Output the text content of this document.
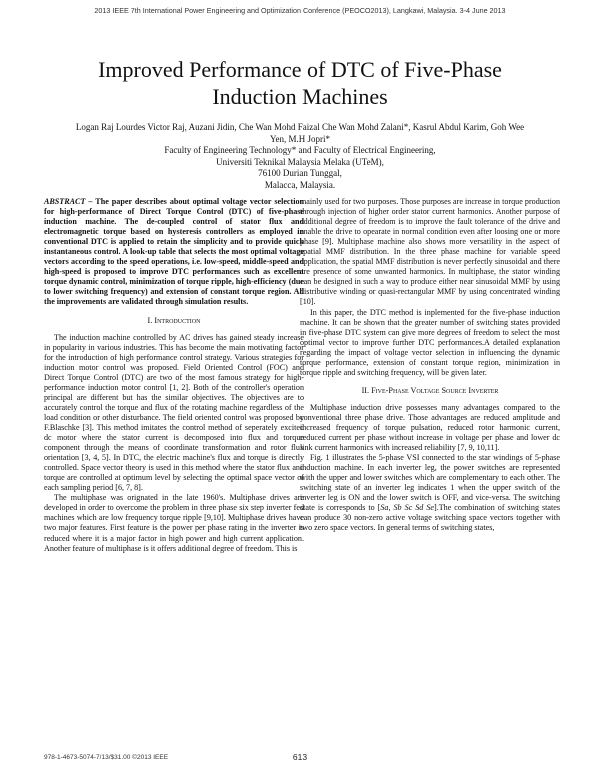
2013 IEEE 7th International Power Engineering and Optimization Conference (PEOCO2013), Langkawi, Malaysia. 3-4 June 2013
Improved Performance of DTC of Five-Phase
Induction Machines
Logan Raj Lourdes Victor Raj, Auzani Jidin, Che Wan Mohd Faizal Che Wan Mohd Zalani*, Kasrul Abdul Karim, Goh Wee
Yen, M.H Jopri*
Faculty of Engineering Technology* and Faculty of Electrical Engineering,
Universiti Teknikal Malaysia Melaka (UTeM),
76100 Durian Tunggal,
Malacca, Malaysia.

ABSTRACT – The paper describes about optimal voltage vector selection for high-performance of Direct Torque Control (DTC) of five-phase induction machine. The de-coupled control of stator flux and electromagnetic torque based on hysteresis controllers as employed in conventional DTC is applied to retain the simplicity and to provide quick instantaneous control. A look-up table that selects the most optimal voltage vectors according to the speed operations, i.e. low-speed, middle-speed and high-speed is proposed to improve DTC performances such as excellent torque dynamic control, minimization of torque ripple, high-efficiency (due to lower switching frequency) and extension of constant torque region. All the improvements are validated through simulation results.

I. Introduction

The induction machine controlled by AC drives has gained steady increase in popularity in various industries. This has become the main motivating factor for the introduction of high performance control strategy. Various strategies for induction motor control was proposed. Field Oriented Control (FOC) and Direct Torque Control (DTC) are two of the most famous strategy for high-performance induction motor control [1, 2]. Both of the controller's operation principal are different but has the similar objectives. The objectives are to accurately control the torque and flux of the rotating machine regardless of the load condition or other disturbance. The field oriented control was proposed by F.Blaschke [3]. This method imitates the control method of seperately excited dc motor where the stator current is decomposed into flux and torque component through the means of coordinate transformation and rotor flux orientation [3, 4, 5]. In DTC, the electric machine's flux and torque is directly controlled. Space vector theory is used in this method where the stator flux and torque are controlled at optimum level by selecting the optimal space vector of each sampling period [6, 7, 8].

The multiphase was orignated in the late 1960's. Multiphase drives are developed in order to overcome the problem in three phase six step inverter fed machines which are low frequency torque ripple [9,10]. Multiphase drives have two major features. First feature is the power per phase rating in the inverter is reduced where it is a major factor in high power and high current application. Another feature of multiphase is it offers additional degree of freedom. This is

mainly used for two purposes. Those purposes are increase in torque production through injection of higher order stator current harmonics. Another purpose of additional degree of freedom is to improve the fault tolerance of the drive and enable the drive to opearate in normal condition even after loosing one or more phase [9]. Multiphase machine also shows more versatility in the aspect of spatial MMF distribution. In the three phase machine for variable speed application, the spatial MMF distribution is never perfectly sinusoidal and there are presence of some unwanted harmonics. In multiphase, the stator winding can be designed in such a way to produce either near sinusoidal MMF by using distributive winding or quasi-rectangular MMF by using concentrated winding [10].

In this paper, the DTC method is inplemented for the five-phase induction machine. It can be shown that the greater number of switching states provided in five-phase DTC system can give more degrees of freedom to select the most optimal vector to improve further DTC performances.A detailed explanation regarding the impact of voltage vector selection in influencing the dynamic torque performance, extension of constant torque region, minimization in torque ripple and switching frequency, will be given later.

II. Five-Phase Voltage Source Inverter

Multiphase induction drive possesses many advantages compared to the conventional three phase drive. Those advantages are reduced amplitude and increased frequency of torque pulsation, reduced rotor harmonic current, reduced current per phase without increase in voltage per phase and lower dc link current harmonics with increased reliability [7, 9, 10,11].

Fig. 1 illustrates the 5-phase VSI connected to the star windings of 5-phase induction machine. In each inverter leg, the power switches are represented with the upper and lower switches which are complementary to each other. The switching state of an inverter leg indicates 1 when the upper switch of the inverter leg is ON and the lower switch is OFF, and vice-versa. The switching state is corresponds to [Sa, Sb Sc Sd Se].The combination of switching states can produce 30 non-zero active voltage switching space vectors together with two zero space vectors. In general terms of switching states,

978-1-4673-5074-7/13/$31.00 ©2013 IEEE	613
